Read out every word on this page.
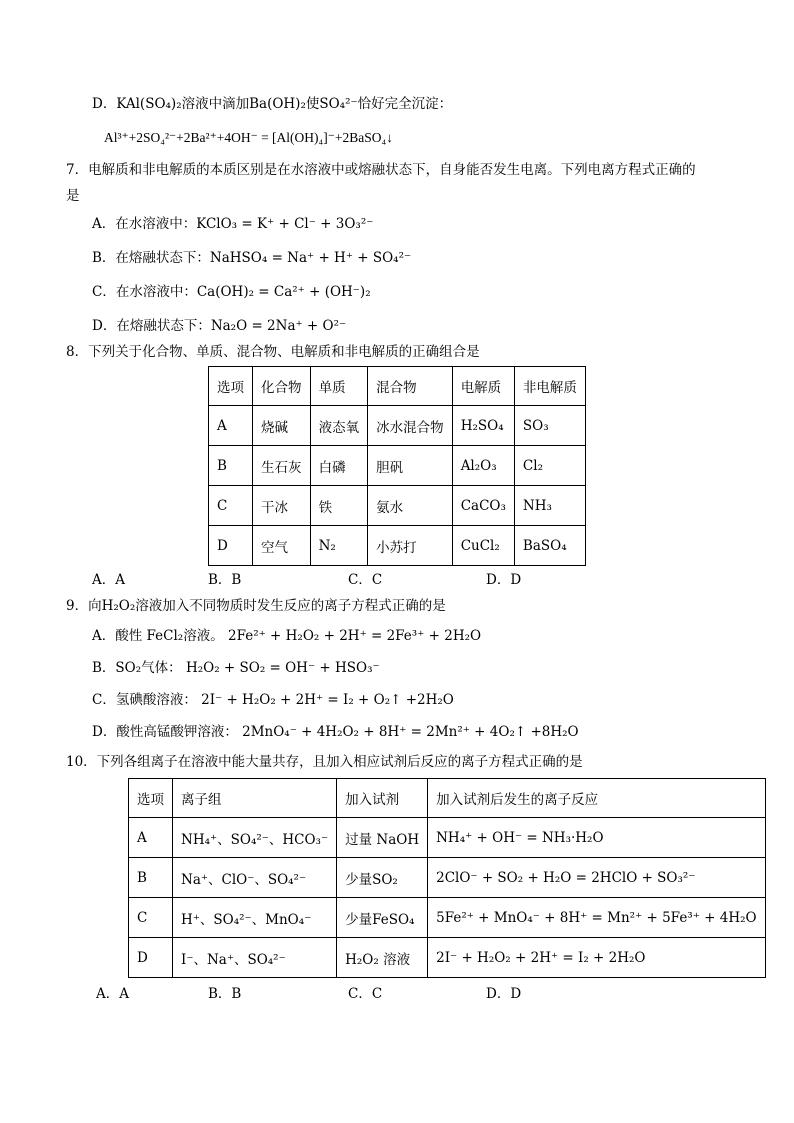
D．KAl(SO₄)₂溶液中滴加Ba(OH)₂使SO₄²⁻恰好完全沉淀：
Al³⁺+2SO₄²⁻+2Ba²⁺+4OH⁻ = [Al(OH)₄]⁻+2BaSO₄↓
7．电解质和非电解质的本质区别是在水溶液中或熔融状态下，自身能否发生电离。下列电离方程式正确的
是
A．在水溶液中：KClO₃ = K⁺ + Cl⁻ + 3O₃²⁻
B．在熔融状态下：NaHSO₄ = Na⁺ + H⁺ + SO₄²⁻
C．在水溶液中：Ca(OH)₂ = Ca²⁺ + (OH⁻)₂
D．在熔融状态下：Na₂O = 2Na⁺ + O²⁻
8．下列关于化合物、单质、混合物、电解质和非电解质的正确组合是
选项	化合物	单质	混合物	电解质	非电解质
A	烧碱	液态氧	冰水混合物	H₂SO₄	SO₃
B	生石灰	白磷	胆矾	Al₂O₃	Cl₂
C	干冰	铁	氨水	CaCO₃	NH₃
D	空气	N₂	小苏打	CuCl₂	BaSO₄
A．A	B．B	C．C	D．D
9．向H₂O₂溶液加入不同物质时发生反应的离子方程式正确的是
A．酸性 FeCl₂溶液。 2Fe²⁺ + H₂O₂ + 2H⁺ = 2Fe³⁺ + 2H₂O
B．SO₂气体： H₂O₂ + SO₂ = OH⁻ + HSO₃⁻
C．氢碘酸溶液： 2I⁻ + H₂O₂ + 2H⁺ = I₂ + O₂↑ +2H₂O
D．酸性高锰酸钾溶液： 2MnO₄⁻ + 4H₂O₂ + 8H⁺ = 2Mn²⁺ + 4O₂↑ +8H₂O
10．下列各组离子在溶液中能大量共存，且加入相应试剂后反应的离子方程式正确的是
选项	离子组	加入试剂	加入试剂后发生的离子反应
A	NH₄⁺、SO₄²⁻、HCO₃⁻	过量 NaOH	NH₄⁺ + OH⁻ = NH₃·H₂O
B	Na⁺、ClO⁻、SO₄²⁻	少量SO₂	2ClO⁻ + SO₂ + H₂O = 2HClO + SO₃²⁻
C	H⁺、SO₄²⁻、MnO₄⁻	少量FeSO₄	5Fe²⁺ + MnO₄⁻ + 8H⁺ = Mn²⁺ + 5Fe³⁺ + 4H₂O
D	I⁻、Na⁺、SO₄²⁻	H₂O₂ 溶液	2I⁻ + H₂O₂ + 2H⁺ = I₂ + 2H₂O
A．A	B．B	C．C	D．D
